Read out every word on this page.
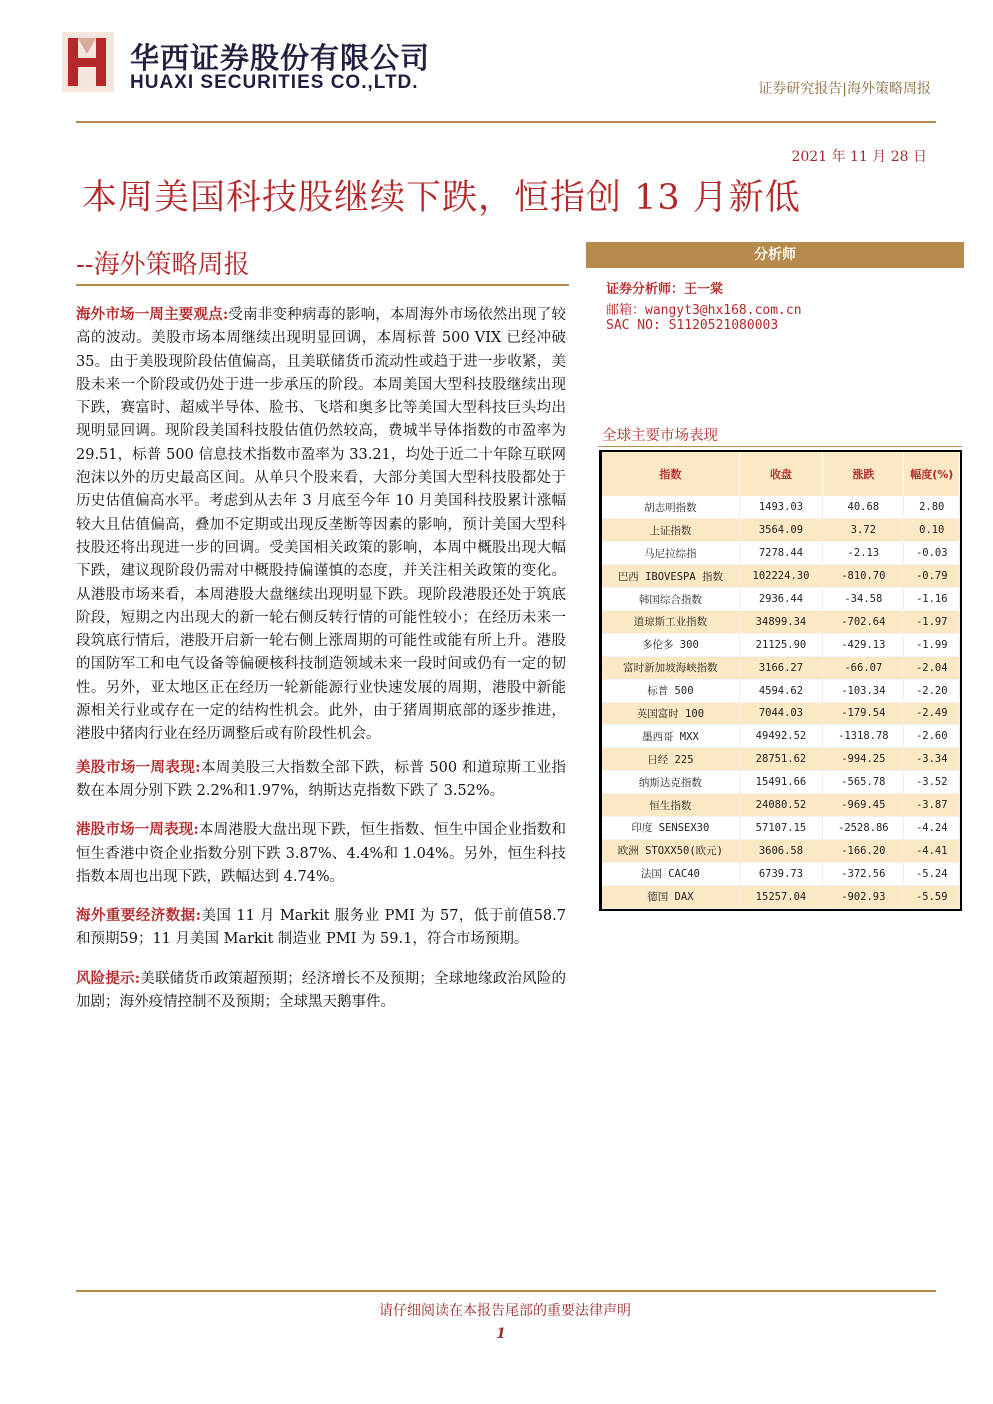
华西证券股份有限公司
HUAXI SECURITIES CO.,LTD.	证券研究报告|海外策略周报
2021 年 11 月 28 日
本周美国科技股继续下跌，恒指创 13 月新低
--海外策略周报

海外市场一周主要观点:受南非变种病毒的影响，本周海外市场依然出现了较高的波动。美股市场本周继续出现明显回调，本周标普 500 VIX 已经冲破 35。由于美股现阶段估值偏高，且美联储货币流动性或趋于进一步收紧，美股未来一个阶段或仍处于进一步承压的阶段。本周美国大型科技股继续出现下跌，赛富时、超威半导体、脸书、飞塔和奥多比等美国大型科技巨头均出现明显回调。现阶段美国科技股估值仍然较高，费城半导体指数的市盈率为 29.51，标普 500 信息技术指数市盈率为 33.21，均处于近二十年除互联网泡沫以外的历史最高区间。从单只个股来看，大部分美国大型科技股都处于历史估值偏高水平。考虑到从去年 3 月底至今年 10 月美国科技股累计涨幅较大且估值偏高，叠加不定期或出现反垄断等因素的影响，预计美国大型科技股还将出现进一步的回调。受美国相关政策的影响，本周中概股出现大幅下跌，建议现阶段仍需对中概股持偏谨慎的态度，并关注相关政策的变化。从港股市场来看，本周港股大盘继续出现明显下跌。现阶段港股还处于筑底阶段，短期之内出现大的新一轮右侧反转行情的可能性较小；在经历未来一段筑底行情后，港股开启新一轮右侧上涨周期的可能性或能有所上升。港股的国防军工和电气设备等偏硬核科技制造领域未来一段时间或仍有一定的韧性。另外，亚太地区正在经历一轮新能源行业快速发展的周期，港股中新能源相关行业或存在一定的结构性机会。此外，由于猪周期底部的逐步推进，港股中猪肉行业在经历调整后或有阶段性机会。

美股市场一周表现:本周美股三大指数全部下跌，标普 500 和道琼斯工业指数在本周分别下跌 2.2%和1.97%，纳斯达克指数下跌了 3.52%。

港股市场一周表现:本周港股大盘出现下跌，恒生指数、恒生中国企业指数和恒生香港中资企业指数分别下跌 3.87%、4.4%和 1.04%。另外，恒生科技指数本周也出现下跌，跌幅达到 4.74%。

海外重要经济数据:美国 11 月 Markit 服务业 PMI 为 57，低于前值58.7 和预期59；11 月美国 Markit 制造业 PMI 为 59.1，符合市场预期。

风险提示:美联储货币政策超预期；经济增长不及预期；全球地缘政治风险的加剧；海外疫情控制不及预期；全球黑天鹅事件。

分析师
证券分析师：王一棠
邮箱：wangyt3@hx168.com.cn
SAC NO: S1120521080003
全球主要市场表现
指数	收盘	涨跌	幅度(%)
胡志明指数	1493.03	40.68	2.80
上证指数	3564.09	3.72	0.10
马尼拉综指	7278.44	-2.13	-0.03
巴西 IBOVESPA 指数	102224.30	-810.70	-0.79
韩国综合指数	2936.44	-34.58	-1.16
道琼斯工业指数	34899.34	-702.64	-1.97
多伦多 300	21125.90	-429.13	-1.99
富时新加坡海峡指数	3166.27	-66.07	-2.04
标普 500	4594.62	-103.34	-2.20
英国富时 100	7044.03	-179.54	-2.49
墨西哥 MXX	49492.52	-1318.78	-2.60
日经 225	28751.62	-994.25	-3.34
纳斯达克指数	15491.66	-565.78	-3.52
恒生指数	24080.52	-969.45	-3.87
印度 SENSEX30	57107.15	-2528.86	-4.24
欧洲 STOXX50(欧元)	3606.58	-166.20	-4.41
法国 CAC40	6739.73	-372.56	-5.24
德国 DAX	15257.04	-902.93	-5.59
请仔细阅读在本报告尾部的重要法律声明
1
